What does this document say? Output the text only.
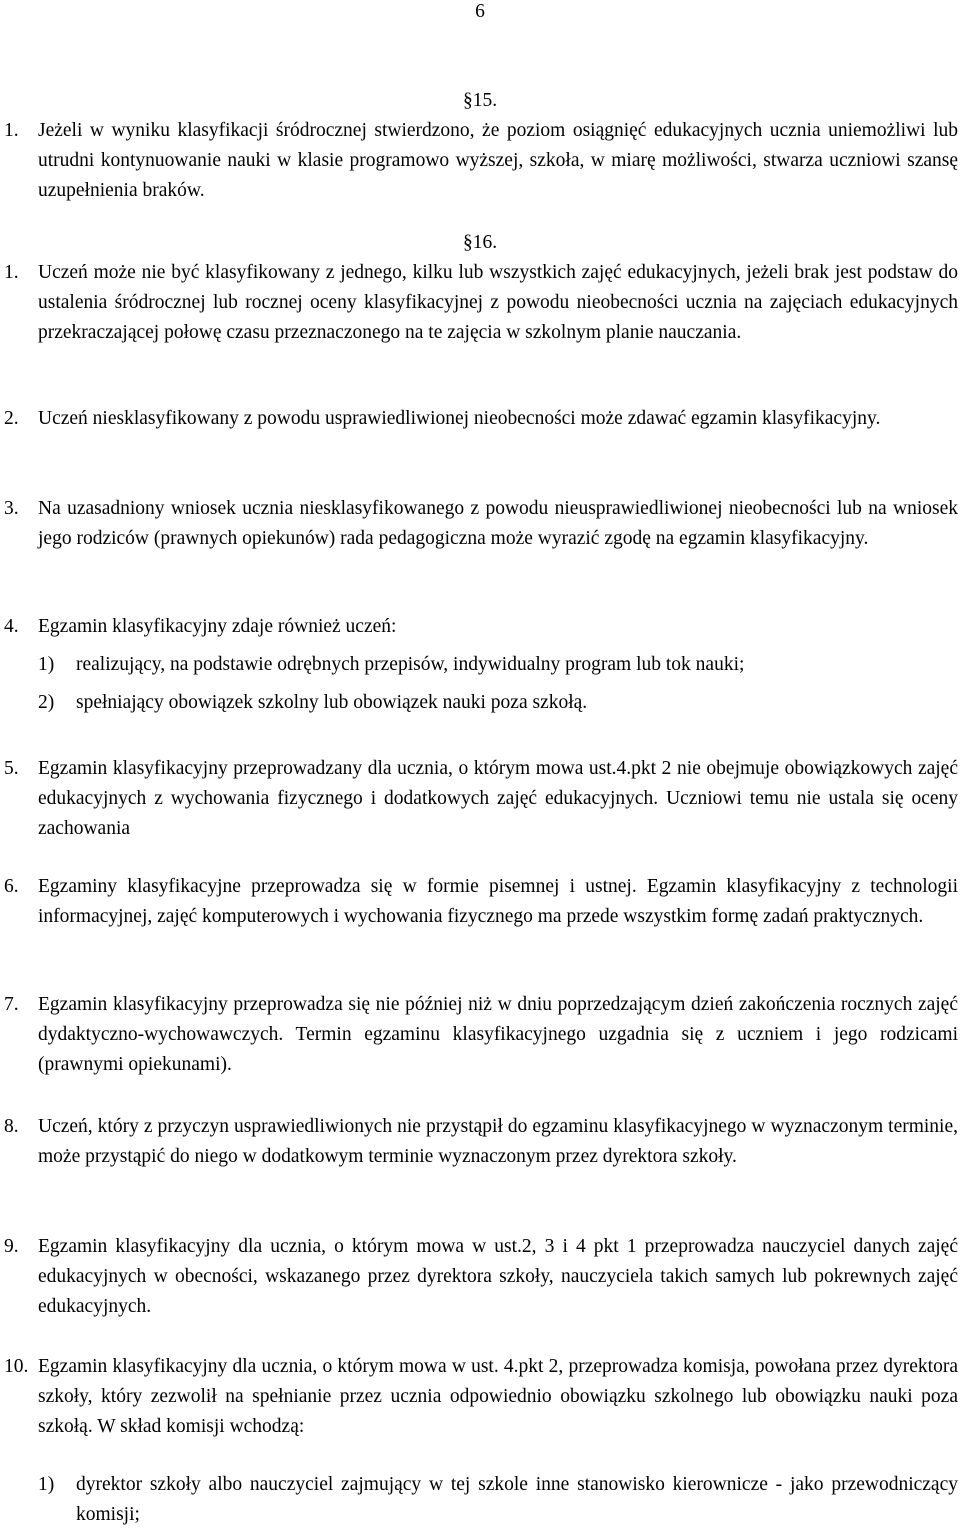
6
§15.
1. Jeżeli w wyniku klasyfikacji śródrocznej stwierdzono, że poziom osiągnięć edukacyjnych ucznia uniemożliwi lub utrudni kontynuowanie nauki w klasie programowo wyższej, szkoła, w miarę możliwości, stwarza uczniowi szansę uzupełnienia braków.
§16.
1. Uczeń może nie być klasyfikowany z jednego, kilku lub wszystkich zajęć edukacyjnych, jeżeli brak jest podstaw do ustalenia śródrocznej lub rocznej oceny klasyfikacyjnej z powodu nieobecności ucznia na zajęciach edukacyjnych przekraczającej połowę czasu przeznaczonego na te zajęcia w szkolnym planie nauczania.
2. Uczeń niesklasyfikowany z powodu usprawiedliwionej nieobecności może zdawać egzamin klasyfikacyjny.
3. Na uzasadniony wniosek ucznia niesklasyfikowanego z powodu nieusprawiedliwionej nieobecności lub na wniosek jego rodziców (prawnych opiekunów) rada pedagogiczna może wyrazić zgodę na egzamin klasyfikacyjny.
4. Egzamin klasyfikacyjny zdaje również uczeń:
1) realizujący, na podstawie odrębnych przepisów, indywidualny program lub tok nauki;
2) spełniający obowiązek szkolny lub obowiązek nauki poza szkołą.
5. Egzamin klasyfikacyjny przeprowadzany dla ucznia, o którym mowa ust.4.pkt 2 nie obejmuje obowiązkowych zajęć edukacyjnych z wychowania fizycznego i dodatkowych zajęć edukacyjnych. Uczniowi temu nie ustala się oceny zachowania
6. Egzaminy klasyfikacyjne przeprowadza się w formie pisemnej i ustnej. Egzamin klasyfikacyjny z technologii informacyjnej, zajęć komputerowych i wychowania fizycznego ma przede wszystkim formę zadań praktycznych.
7. Egzamin klasyfikacyjny przeprowadza się nie później niż w dniu poprzedzającym dzień zakończenia rocznych zajęć dydaktyczno-wychowawczych. Termin egzaminu klasyfikacyjnego uzgadnia się z uczniem i jego rodzicami (prawnymi opiekunami).
8. Uczeń, który z przyczyn usprawiedliwionych nie przystąpił do egzaminu klasyfikacyjnego w wyznaczonym terminie, może przystąpić do niego w dodatkowym terminie wyznaczonym przez dyrektora szkoły.
9. Egzamin klasyfikacyjny dla ucznia, o którym mowa w ust.2, 3 i 4 pkt 1 przeprowadza nauczyciel danych zajęć edukacyjnych w obecności, wskazanego przez dyrektora szkoły, nauczyciela takich samych lub pokrewnych zajęć edukacyjnych.
10. Egzamin klasyfikacyjny dla ucznia, o którym mowa w ust. 4.pkt 2, przeprowadza komisja, powołana przez dyrektora szkoły, który zezwolił na spełnianie przez ucznia odpowiednio obowiązku szkolnego lub obowiązku nauki poza szkołą. W skład komisji wchodzą:
1) dyrektor szkoły albo nauczyciel zajmujący w tej szkole inne stanowisko kierownicze - jako przewodniczący komisji;
